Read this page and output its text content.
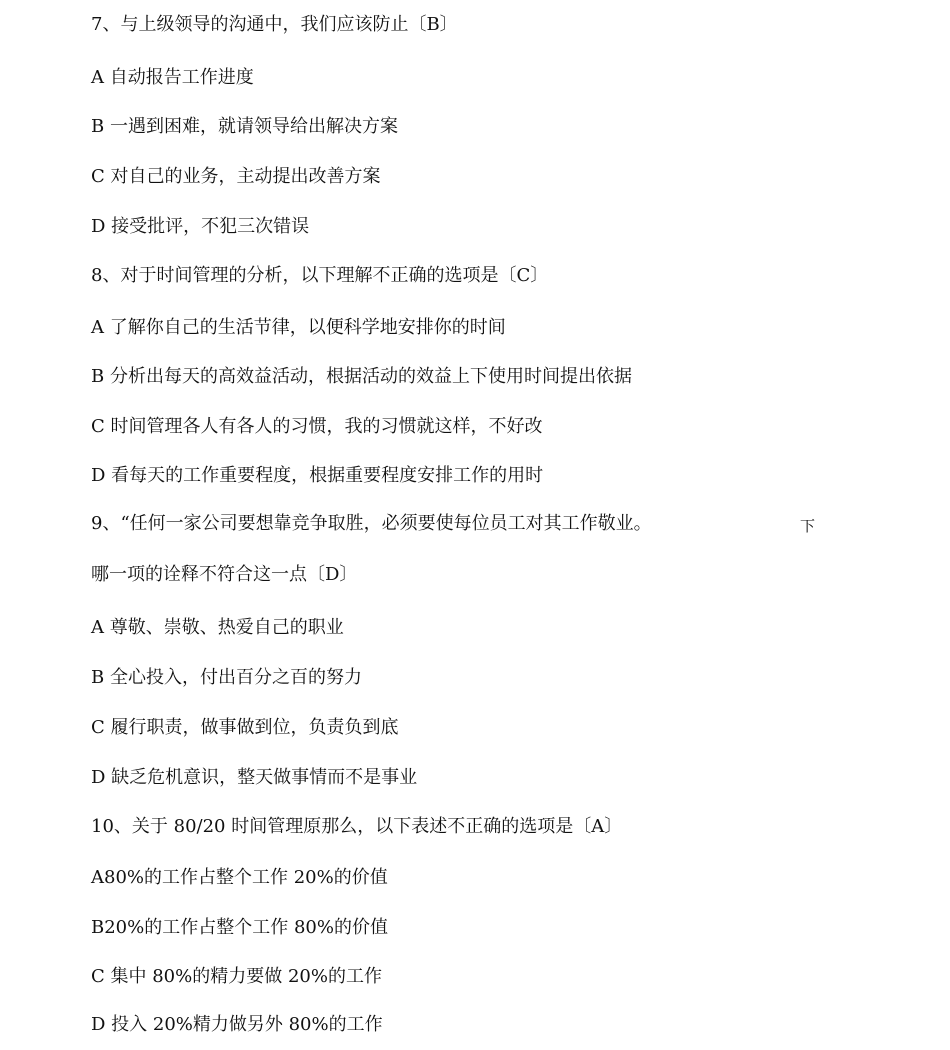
7、与上级领导的沟通中，我们应该防止〔B〕
A 自动报告工作进度
B 一遇到困难，就请领导给出解决方案
C 对自己的业务，主动提出改善方案
D 接受批评，不犯三次错误
8、对于时间管理的分析，以下理解不正确的选项是〔C〕
A 了解你自己的生活节律，以便科学地安排你的时间
B 分析出每天的高效益活动，根据活动的效益上下使用时间提出依据
C 时间管理各人有各人的习惯，我的习惯就这样，不好改
D 看每天的工作重要程度，根据重要程度安排工作的用时
9、“任何一家公司要想靠竞争取胜，必须要使每位员工对其工作敬业。	下
哪一项的诠释不符合这一点〔D〕
A 尊敬、崇敬、热爱自己的职业
B 全心投入，付出百分之百的努力
C 履行职责，做事做到位，负责负到底
D 缺乏危机意识，整天做事情而不是事业
10、关于 80/20 时间管理原那么，以下表述不正确的选项是〔A〕
A80%的工作占整个工作 20%的价值
B20%的工作占整个工作 80%的价值
C 集中 80%的精力要做 20%的工作
D 投入 20%精力做另外 80%的工作
